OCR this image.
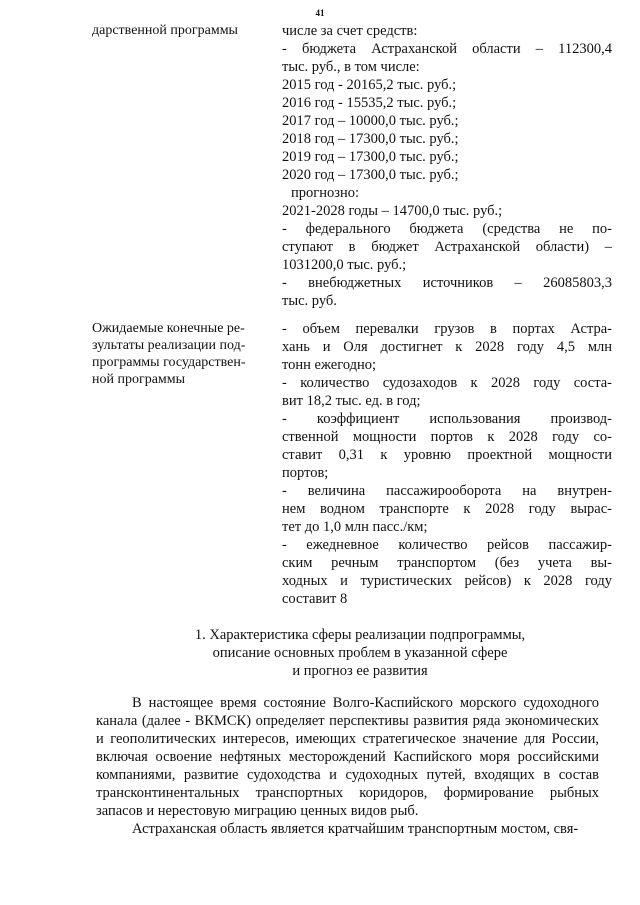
41
дарственной программы	числе за счет средств:
- бюджета Астраханской области – 112300,4
тыс. руб., в том числе:
2015 год - 20165,2 тыс. руб.;
2016 год - 15535,2 тыс. руб.;
2017 год – 10000,0 тыс. руб.;
2018 год – 17300,0 тыс. руб.;
2019 год – 17300,0 тыс. руб.;
2020 год – 17300,0 тыс. руб.;
прогнозно:
2021-2028 годы – 14700,0 тыс. руб.;
- федерального бюджета (средства не по-
ступают в бюджет Астраханской области) –
1031200,0 тыс. руб.;
- внебюджетных источников – 26085803,3
тыс. руб.
Ожидаемые конечные ре-
зультаты реализации под-
программы государствен-
ной программы
- объем перевалки грузов в портах Астра-
хань и Оля достигнет к 2028 году 4,5 млн
тонн ежегодно;
- количество судозаходов к 2028 году соста-
вит 18,2 тыс. ед. в год;
- коэффициент использования производ-
ственной мощности портов к 2028 году со-
ставит 0,31 к уровню проектной мощности
портов;
- величина пассажирооборота на внутрен-
нем водном транспорте к 2028 году вырас-
тет до 1,0 млн пасс./км;
- ежедневное количество рейсов пассажир-
ским речным транспортом (без учета вы-
ходных и туристических рейсов) к 2028 году
составит 8
1. Характеристика сферы реализации подпрограммы,
описание основных проблем в указанной сфере
и прогноз ее развития

В настоящее время состояние Волго-Каспийского морского судоходного канала (далее - ВКМСК) определяет перспективы развития ряда экономических и геополитических интересов, имеющих стратегическое значение для России, включая освоение нефтяных месторождений Каспийского моря российскими компаниями, развитие судоходства и судоходных путей, входящих в состав трансконтинентальных транспортных коридоров, формирование рыбных запасов и нерестовую миграцию ценных видов рыб.

Астраханская область является кратчайшим транспортным мостом, свя-
